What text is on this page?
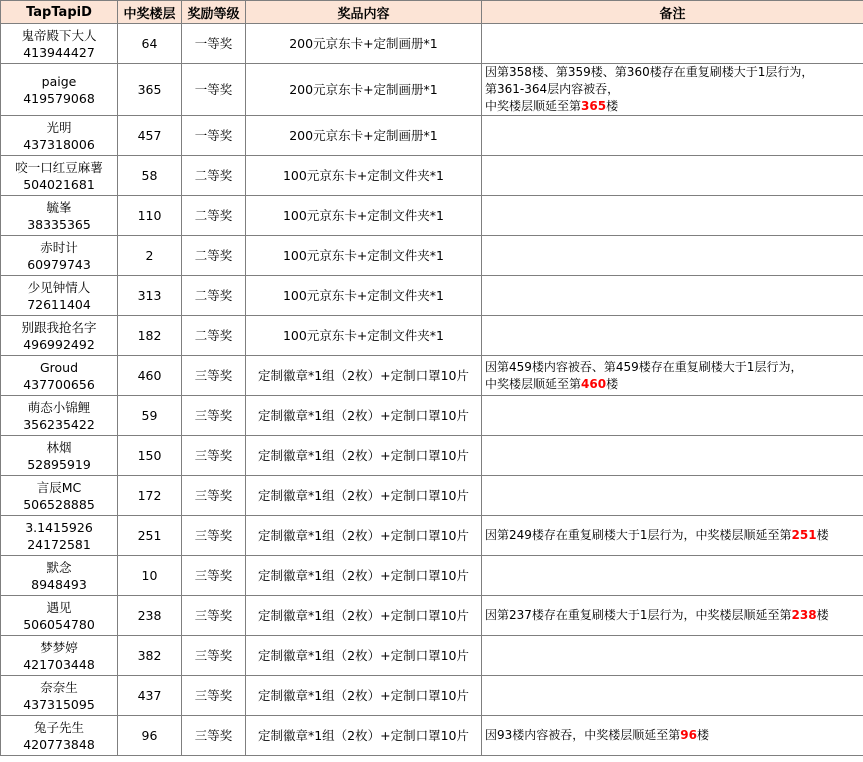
TapTapiD	中奖楼层	奖励等级	奖品内容	备注

鬼帝殿下大人
413944427	64	一等奖	200元京东卡+定制画册*1	

paige
419579068	365	一等奖	200元京东卡+定制画册*1	因第358楼、第359楼、第360楼存在重复刷楼大于1层行为，
第361-364层内容被吞，
中奖楼层顺延至第365楼

光明
437318006	457	一等奖	200元京东卡+定制画册*1	

咬一口红豆麻薯
504021681	58	二等奖	100元京东卡+定制文件夹*1	

毓峯
38335365	110	二等奖	100元京东卡+定制文件夹*1	

赤时计
60979743	2	二等奖	100元京东卡+定制文件夹*1	

少见钟情人
72611404	313	二等奖	100元京东卡+定制文件夹*1	

别跟我抢名字
496992492	182	二等奖	100元京东卡+定制文件夹*1	

Groud
437700656	460	三等奖	定制徽章*1组（2枚）+定制口罩10片	因第459楼内容被吞、第459楼存在重复刷楼大于1层行为，
中奖楼层顺延至第460楼

萌态小锦鲤
356235422	59	三等奖	定制徽章*1组（2枚）+定制口罩10片	

林烟
52895919	150	三等奖	定制徽章*1组（2枚）+定制口罩10片	

言辰MC
506528885	172	三等奖	定制徽章*1组（2枚）+定制口罩10片	

3.1415926
24172581	251	三等奖	定制徽章*1组（2枚）+定制口罩10片	因第249楼存在重复刷楼大于1层行为，中奖楼层顺延至第251楼

默念
8948493	10	三等奖	定制徽章*1组（2枚）+定制口罩10片	

遇见
506054780	238	三等奖	定制徽章*1组（2枚）+定制口罩10片	因第237楼存在重复刷楼大于1层行为，中奖楼层顺延至第238楼

梦梦婷
421703448	382	三等奖	定制徽章*1组（2枚）+定制口罩10片	

奈奈生
437315095	437	三等奖	定制徽章*1组（2枚）+定制口罩10片	

兔子先生
420773848	96	三等奖	定制徽章*1组（2枚）+定制口罩10片	因93楼内容被吞，中奖楼层顺延至第96楼
